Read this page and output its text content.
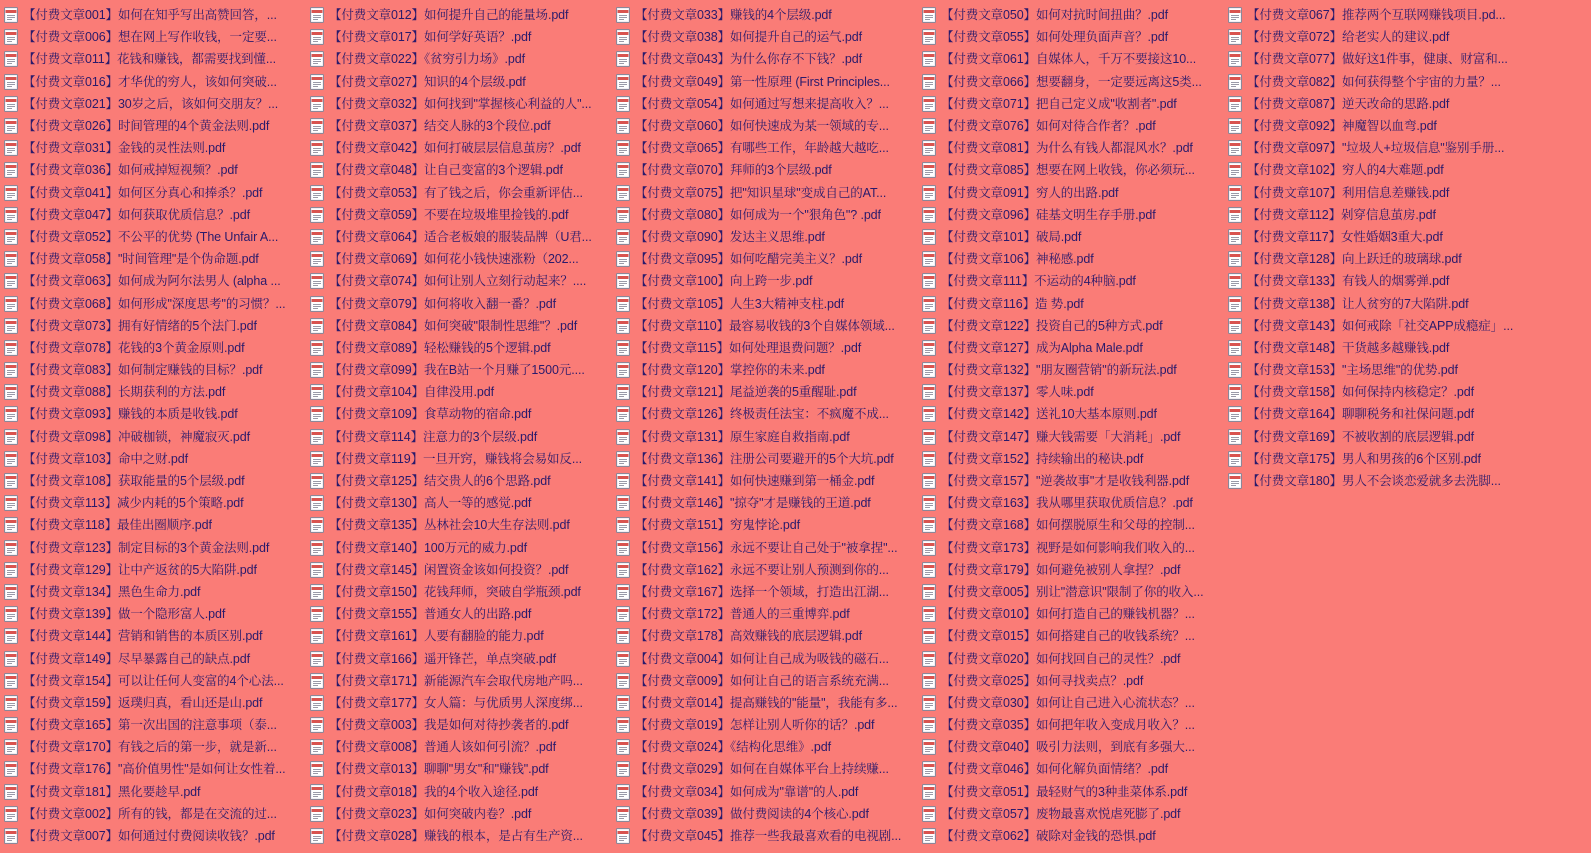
【付费文章001】如何在知乎写出高赞回答，...
【付费文章006】想在网上写作收钱，一定要...
【付费文章011】花钱和赚钱，都需要找到懂...
【付费文章016】才华优的穷人，该如何突破...
【付费文章021】30岁之后，该如何交朋友？...
【付费文章026】时间管理的4个黄金法则.pdf
【付费文章031】金钱的灵性法则.pdf
【付费文章036】如何戒掉短视频？.pdf
【付费文章041】如何区分真心和捧杀？.pdf
【付费文章047】如何获取优质信息？.pdf
【付费文章052】不公平的优势 (The Unfair A...
【付费文章058】"时间管理"是个伪命题.pdf
【付费文章063】如何成为阿尔法男人 (alpha ...
【付费文章068】如何形成"深度思考"的习惯？...
【付费文章073】拥有好情绪的5个法门.pdf
【付费文章078】花钱的3个黄金原则.pdf
【付费文章083】如何制定赚钱的目标？.pdf
【付费文章088】长期获利的方法.pdf
【付费文章093】赚钱的本质是收钱.pdf
【付费文章098】冲破枷锁，神魔寂灭.pdf
【付费文章103】命中之财.pdf
【付费文章108】获取能量的5个层级.pdf
【付费文章113】减少内耗的5个策略.pdf
【付费文章118】最佳出圈顺序.pdf
【付费文章123】制定目标的3个黄金法则.pdf
【付费文章129】让中产返贫的5大陷阱.pdf
【付费文章134】黑色生命力.pdf
【付费文章139】做一个隐形富人.pdf
【付费文章144】营销和销售的本质区别.pdf
【付费文章149】尽早暴露自己的缺点.pdf
【付费文章154】可以让任何人变富的4个心法...
【付费文章159】返璞归真，看山还是山.pdf
【付费文章165】第一次出国的注意事项（泰...
【付费文章170】有钱之后的第一步，就是新...
【付费文章176】"高价值男性"是如何让女性着...
【付费文章181】黑化要趁早.pdf
【付费文章002】所有的钱，都是在交流的过...
【付费文章007】如何通过付费阅读收钱？.pdf
【付费文章012】如何提升自己的能量场.pdf
【付费文章017】如何学好英语？.pdf
【付费文章022】《贫穷引力场》.pdf
【付费文章027】知识的4个层级.pdf
【付费文章032】如何找到"掌握核心利益的人"...
【付费文章037】结交人脉的3个段位.pdf
【付费文章042】如何打破层层信息茧房？.pdf
【付费文章048】让自己变富的3个逻辑.pdf
【付费文章053】有了钱之后，你会重新评估...
【付费文章059】不要在垃圾堆里捡钱的.pdf
【付费文章064】适合老板娘的服装品牌（U君...
【付费文章069】如何花小钱快速涨粉（202...
【付费文章074】如何让别人立刻行动起来？....
【付费文章079】如何将收入翻一番？.pdf
【付费文章084】如何突破"限制性思维"？.pdf
【付费文章089】轻松赚钱的5个逻辑.pdf
【付费文章099】我在B站一个月赚了1500元....
【付费文章104】自律没用.pdf
【付费文章109】食草动物的宿命.pdf
【付费文章114】注意力的3个层级.pdf
【付费文章119】一旦开窍，赚钱将会易如反...
【付费文章125】结交贵人的6个思路.pdf
【付费文章130】高人一等的感觉.pdf
【付费文章135】丛林社会10大生存法则.pdf
【付费文章140】100万元的威力.pdf
【付费文章145】闲置资金该如何投资？.pdf
【付费文章150】花钱拜师，突破自学瓶颈.pdf
【付费文章155】普通女人的出路.pdf
【付费文章161】人要有翻脸的能力.pdf
【付费文章166】遥开锋芒，单点突破.pdf
【付费文章171】新能源汽车会取代房地产吗...
【付费文章177】女人篇：与优质男人深度绑...
【付费文章003】我是如何对待抄袭者的.pdf
【付费文章008】普通人该如何引流？.pdf
【付费文章013】聊聊"男女"和"赚钱".pdf
【付费文章018】我的4个收入途径.pdf
【付费文章023】如何突破内卷？.pdf
【付费文章028】赚钱的根本，是占有生产资...
【付费文章033】赚钱的4个层级.pdf
【付费文章038】如何提升自己的运气.pdf
【付费文章043】为什么你存不下钱？.pdf
【付费文章049】第一性原理 (First Principles...
【付费文章054】如何通过写想来提高收入？...
【付费文章060】如何快速成为某一领域的专...
【付费文章065】有哪些工作，年龄越大越吃...
【付费文章070】拜师的3个层级.pdf
【付费文章075】把"知识星球"变成自己的AT...
【付费文章080】如何成为一个"狠角色"? .pdf
【付费文章090】发达主义思维.pdf
【付费文章095】如何吃醋完美主义？.pdf
【付费文章100】向上跨一步.pdf
【付费文章105】人生3大精神支柱.pdf
【付费文章110】最容易收钱的3个自媒体领域...
【付费文章115】如何处理退费问题？.pdf
【付费文章120】掌控你的未来.pdf
【付费文章121】尾益逆袭的5重醒耻.pdf
【付费文章126】终极责任法宝：不疯魔不成...
【付费文章131】原生家庭自救指南.pdf
【付费文章136】注册公司要避开的5个大坑.pdf
【付费文章141】如何快速赚到第一桶金.pdf
【付费文章146】"掠夺"才是赚钱的王道.pdf
【付费文章151】穷鬼悖论.pdf
【付费文章156】永远不要让自己处于"被拿捏"...
【付费文章162】永远不要让别人预测到你的...
【付费文章167】选择一个领域，打造出江湖...
【付费文章172】普通人的三重博弈.pdf
【付费文章178】高效赚钱的底层逻辑.pdf
【付费文章004】如何让自己成为吸钱的磁石...
【付费文章009】如何让自己的语言系统充满...
【付费文章014】提高赚钱的"能量"，我能有多...
【付费文章019】怎样让别人听你的话？.pdf
【付费文章024】《结构化思维》.pdf
【付费文章029】如何在自媒体平台上持续赚...
【付费文章034】如何成为"靠谱"的人.pdf
【付费文章039】做付费阅读的4个核心.pdf
【付费文章045】推荐一些我最喜欢看的电视剧...
【付费文章050】如何对抗时间扭曲？.pdf
【付费文章055】如何处理负面声音？.pdf
【付费文章061】自媒体人，千万不要接这10...
【付费文章066】想要翻身，一定要远离这5类...
【付费文章071】把自己定义成"收割者".pdf
【付费文章076】如何对待合作者？.pdf
【付费文章081】为什么有钱人都混风水？.pdf
【付费文章085】想要在网上收钱，你必须玩...
【付费文章091】穷人的出路.pdf
【付费文章096】硅基文明生存手册.pdf
【付费文章101】破局.pdf
【付费文章106】神秘感.pdf
【付费文章111】不运动的4种脑.pdf
【付费文章116】造 势.pdf
【付费文章122】投资自己的5种方式.pdf
【付费文章127】成为Alpha Male.pdf
【付费文章132】"朋友圈营销"的新玩法.pdf
【付费文章137】零人味.pdf
【付费文章142】送礼10大基本原则.pdf
【付费文章147】赚大钱需要「大消耗」.pdf
【付费文章152】持续输出的秘诀.pdf
【付费文章157】"逆袭故事"才是收钱利器.pdf
【付费文章163】我从哪里获取优质信息？.pdf
【付费文章168】如何摆脱原生和父母的控制...
【付费文章173】视野是如何影响我们收入的...
【付费文章179】如何避免被别人拿捏？.pdf
【付费文章005】别让"潜意识"限制了你的收入...
【付费文章010】如何打造自己的赚钱机器？...
【付费文章015】如何搭建自己的收钱系统？...
【付费文章020】如何找回自己的灵性？.pdf
【付费文章025】如何寻找卖点？.pdf
【付费文章030】如何让自己进入心流状态？...
【付费文章035】如何把年收入变成月收入？...
【付费文章040】吸引力法则，到底有多强大...
【付费文章046】如何化解负面情绪？.pdf
【付费文章051】最轻财气的3种韭菜体系.pdf
【付费文章057】废物最喜欢悦虐死膨了.pdf
【付费文章062】破除对金钱的恐惧.pdf
【付费文章067】推荐两个互联网赚钱项目.pd...
【付费文章072】给老实人的建议.pdf
【付费文章077】做好这1件事，健康、财富和...
【付费文章082】如何获得整个宇宙的力量？...
【付费文章087】逆天改命的思路.pdf
【付费文章092】神魔智以血弯.pdf
【付费文章097】"垃圾人+垃圾信息"鉴别手册...
【付费文章102】穷人的4大难题.pdf
【付费文章107】利用信息差赚钱.pdf
【付费文章112】剁穿信息茧房.pdf
【付费文章117】女性婚姻3重大.pdf
【付费文章128】向上跃迁的玻璃球.pdf
【付费文章133】有钱人的烟雾弹.pdf
【付费文章138】让人贫穷的7大陷阱.pdf
【付费文章143】如何戒除「社交APP成瘾症」...
【付费文章148】干货越多越赚钱.pdf
【付费文章153】"主场思维"的优势.pdf
【付费文章158】如何保持内核稳定？.pdf
【付费文章164】聊聊税务和社保问题.pdf
【付费文章169】不被收割的底层逻辑.pdf
【付费文章175】男人和男孩的6个区别.pdf
【付费文章180】男人不会谈恋爱就多去洗脚...
